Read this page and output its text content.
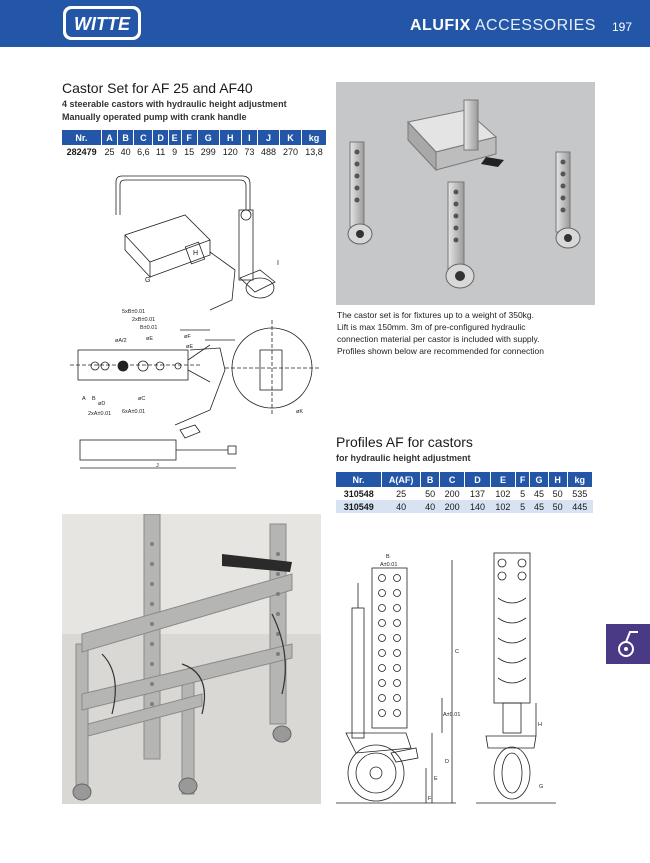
WITTE	ALUFIX ACCESSORIES 197
Castor Set for AF 25 and AF40
4 steerable castors with hydraulic height adjustment
Manually operated pump with crank handle
Nr.	A	B	C	D	E	F	G	H	I	J	K	kg
282479	25	40	6,6	11	9	15	299	120	73	488	270	13,8
G
H
I
5xB±0.01
2xB±0.01
B±0.01
øA/2	øE	øF
øE
øC
øD
A B
2xA±0.01 6xA±0.01	øK
J
The castor set is for fixtures up to a weight of 350kg.
Lift is max 150mm. 3m of pre-configured hydraulic
connection material per castor is included with supply.
Profiles shown below are recommended for connection
Profiles AF for castors
for hydraulic height adjustment
Nr.	A(AF)	B	C	D	E	F	G	H	kg
310548	25	50	200	137	102	5	45	50	535
310549	40	40	200	140	102	5	45	50	445
B
A±0.01
C
A±0.01
D
E
F
H
G
